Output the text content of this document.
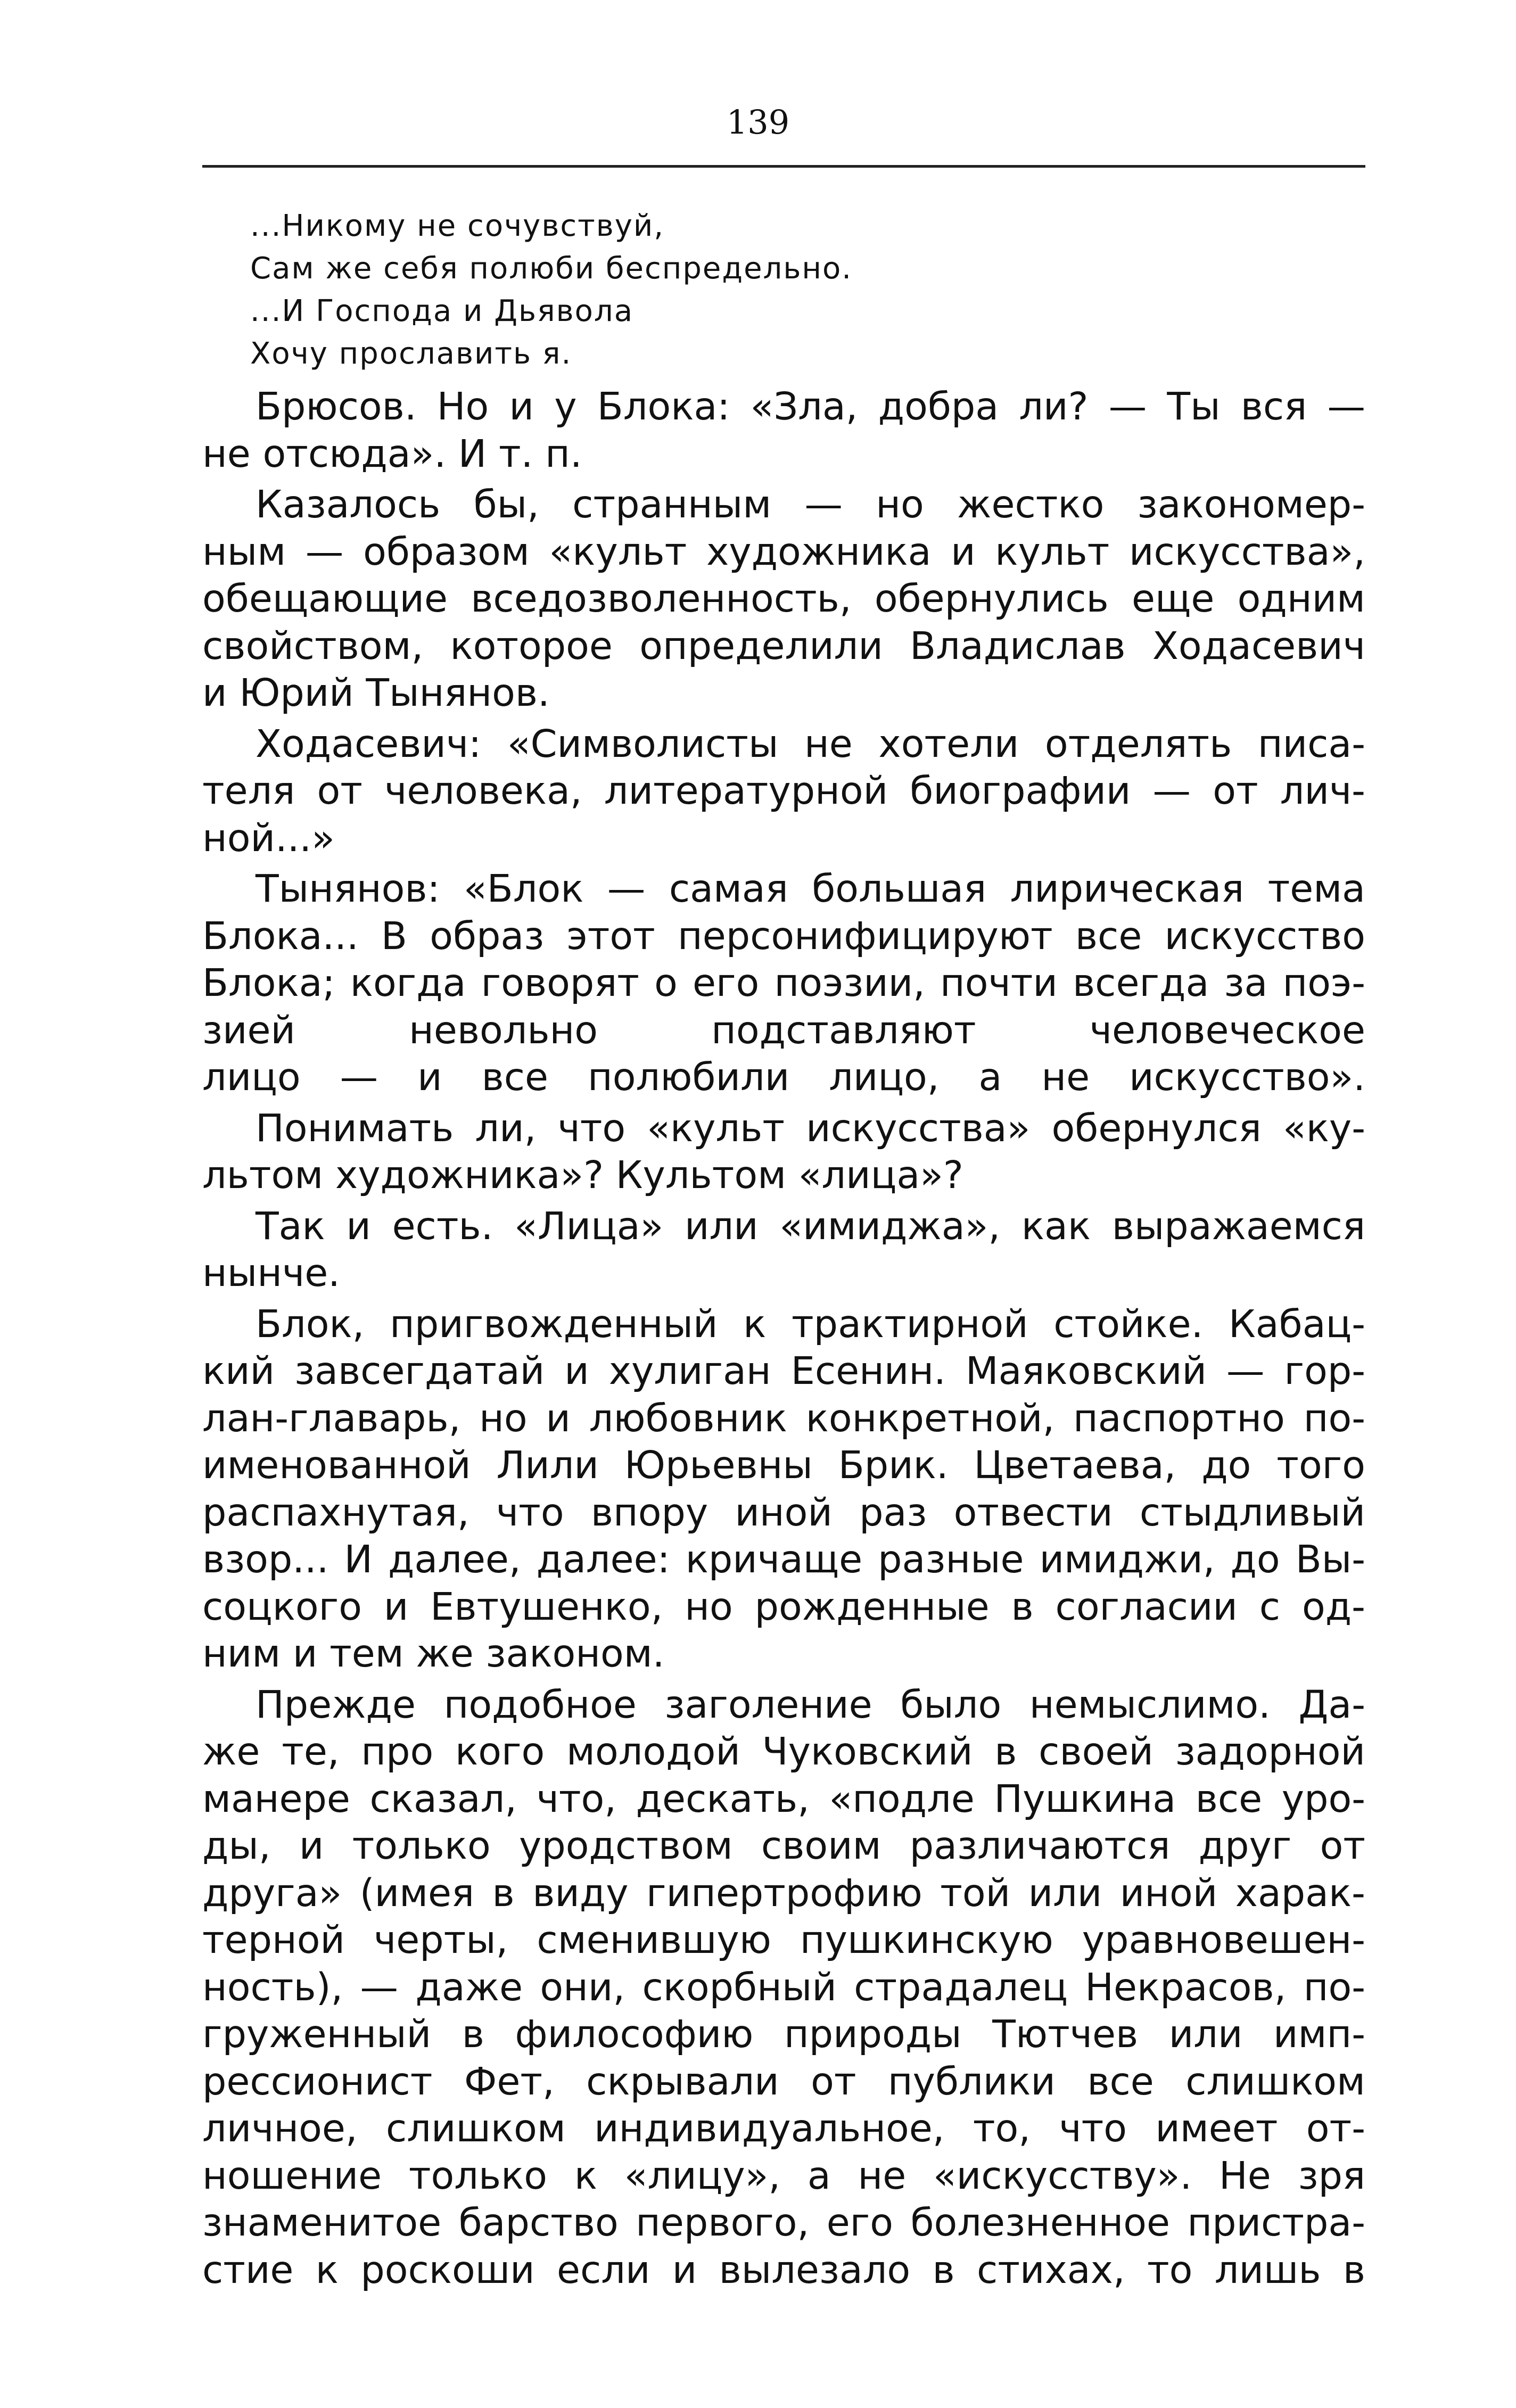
139
...Никому не сочувствуй,
Сам же себя полюби беспредельно.
...И Господа и Дьявола
Хочу прославить я.
Брюсов. Но и у Блока: «Зла, добра ли? — Ты вся —
не отсюда». И т. п.
Казалось бы, странным — но жестко закономер-
ным — образом «культ художника и культ искусства»,
обещающие вседозволенность, обернулись еще одним
свойством, которое определили Владислав Ходасевич
и Юрий Тынянов.
Ходасевич: «Символисты не хотели отделять писа-
теля от человека, литературной биографии — от лич-
ной...»
Тынянов: «Блок — самая большая лирическая тема
Блока... В образ этот персонифицируют все искусство
Блока; когда говорят о его поэзии, почти всегда за поэ-
зией невольно подставляют человеческое
лицо — и все полюбили лицо, а не искусство».
Понимать ли, что «культ искусства» обернулся «ку-
льтом художника»? Культом «лица»?
Так и есть. «Лица» или «имиджа», как выражаемся
нынче.
Блок, пригвожденный к трактирной стойке. Кабац-
кий завсегдатай и хулиган Есенин. Маяковский — гор-
лан-главарь, но и любовник конкретной, паспортно по-
именованной Лили Юрьевны Брик. Цветаева, до того
распахнутая, что впору иной раз отвести стыдливый
взор... И далее, далее: кричаще разные имиджи, до Вы-
соцкого и Евтушенко, но рожденные в согласии с од-
ним и тем же законом.
Прежде подобное заголение было немыслимо. Да-
же те, про кого молодой Чуковский в своей задорной
манере сказал, что, дескать, «подле Пушкина все уро-
ды, и только уродством своим различаются друг от
друга» (имея в виду гипертрофию той или иной харак-
терной черты, сменившую пушкинскую уравновешен-
ность), — даже они, скорбный страдалец Некрасов, по-
груженный в философию природы Тютчев или имп-
рессионист Фет, скрывали от публики все слишком
личное, слишком индивидуальное, то, что имеет от-
ношение только к «лицу», а не «искусству». Не зря
знаменитое барство первого, его болезненное пристра-
стие к роскоши если и вылезало в стихах, то лишь в
